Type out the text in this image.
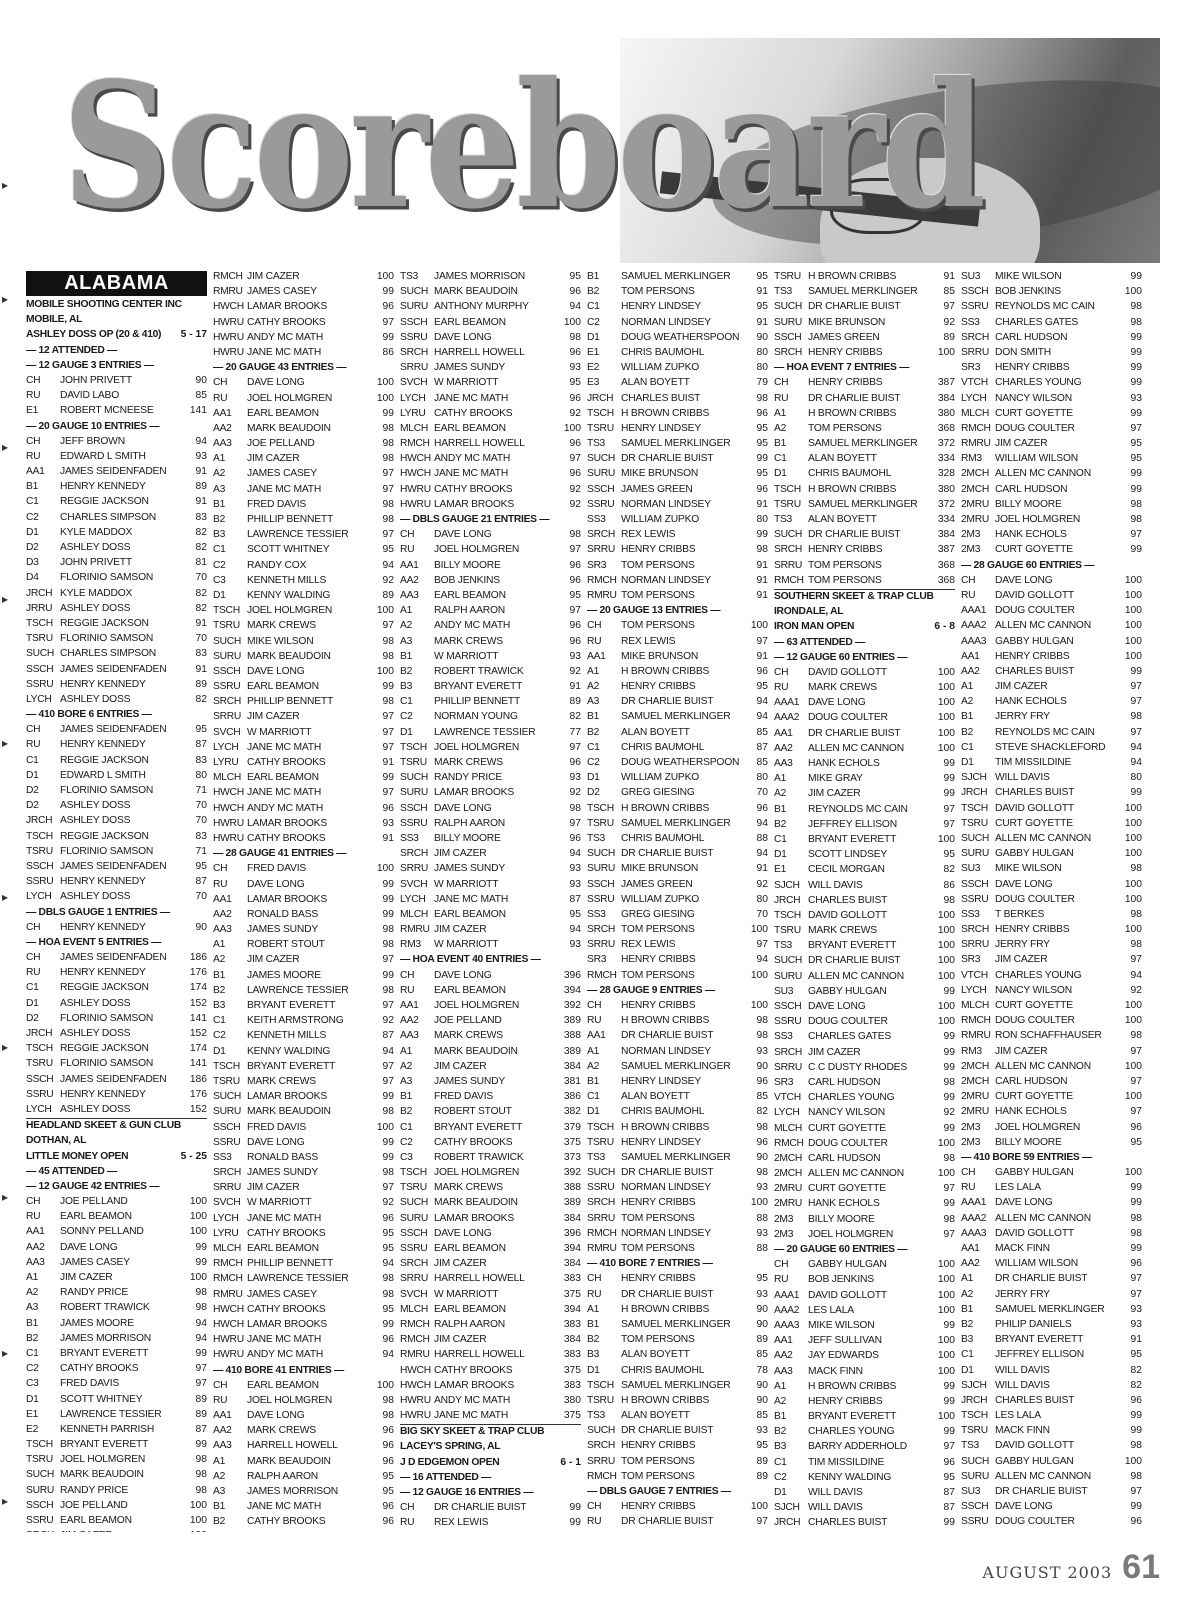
Scoreboard
▸
▸
▸
▸
▸
▸
▸
▸
▸
▸
ALABAMA
MOBILE SHOOTING CENTER INC
MOBILE, AL
ASHLEY DOSS OP (20 & 410)	5 - 17
— 12 ATTENDED —
— 12 GAUGE 3 ENTRIES —
CH	JOHN PRIVETT	90
RU	DAVID LABO	85
E1	ROBERT MCNEESE	141
— 20 GAUGE 10 ENTRIES —
CH	JEFF BROWN	94
RU	EDWARD L SMITH	93
AA1	JAMES SEIDENFADEN	91
B1	HENRY KENNEDY	89
C1	REGGIE JACKSON	91
C2	CHARLES SIMPSON	83
D1	KYLE MADDOX	82
D2	ASHLEY DOSS	82
D3	JOHN PRIVETT	81
D4	FLORINIO SAMSON	70
JRCH KYLE MADDOX	82
JRRU ASHLEY DOSS	82
TSCH REGGIE JACKSON	91
TSRU FLORINIO SAMSON	70
SUCH CHARLES SIMPSON	83
SSCH JAMES SEIDENFADEN	91
SSRU HENRY KENNEDY	89
LYCH ASHLEY DOSS	82
— 410 BORE 6 ENTRIES —
CH	JAMES SEIDENFADEN	95
RU	HENRY KENNEDY	87
C1	REGGIE JACKSON	83
D1	EDWARD L SMITH	80
D2	FLORINIO SAMSON	71
D2	ASHLEY DOSS	70
JRCH ASHLEY DOSS	70
TSCH REGGIE JACKSON	83
TSRU FLORINIO SAMSON	71
SSCH JAMES SEIDENFADEN	95
SSRU HENRY KENNEDY	87
LYCH ASHLEY DOSS	70
— DBLS GAUGE 1 ENTRIES —
CH	HENRY KENNEDY	90
— HOA EVENT 5 ENTRIES —
CH	JAMES SEIDENFADEN	186
RU	HENRY KENNEDY	176
C1	REGGIE JACKSON	174
D1	ASHLEY DOSS	152
D2	FLORINIO SAMSON	141
JRCH ASHLEY DOSS	152
TSCH REGGIE JACKSON	174
TSRU FLORINIO SAMSON	141
SSCH JAMES SEIDENFADEN	186
SSRU HENRY KENNEDY	176
LYCH ASHLEY DOSS	152
HEADLAND SKEET & GUN CLUB
DOTHAN, AL
LITTLE MONEY OPEN	5 - 25
— 45 ATTENDED —
— 12 GAUGE 42 ENTRIES —
CH	JOE PELLAND	100
RU	EARL BEAMON	100
AA1	SONNY PELLAND	100
AA2	DAVE LONG	99
AA3	JAMES CASEY	99
A1	JIM CAZER	100
A2	RANDY PRICE	98
A3	ROBERT TRAWICK	98
B1	JAMES MOORE	94
B2	JAMES MORRISON	94
C1	BRYANT EVERETT	99
C2	CATHY BROOKS	97
C3	FRED DAVIS	97
D1	SCOTT WHITNEY	89
E1	LAWRENCE TESSIER	89
E2	KENNETH PARRISH	87
TSCH BRYANT EVERETT	99
TSRU JOEL HOLMGREN	98
SUCH MARK BEAUDOIN	98
SURU RANDY PRICE	98
SSCH JOE PELLAND	100
SSRU EARL BEAMON	100
RMCH JIM CAZER	100
RMRU JAMES CASEY	99
HWCH LAMAR BROOKS	96
HWRU CATHY BROOKS	97
HWRU ANDY MC MATH	99
HWRU JANE MC MATH	86
— 20 GAUGE 43 ENTRIES —
CH	DAVE LONG	100
RU	JOEL HOLMGREN	100
AA1	EARL BEAMON	99
AA2	MARK BEAUDOIN	98
AA3	JOE PELLAND	98
A1	JIM CAZER	98
A2	JAMES CASEY	97
A3	JANE MC MATH	97
B1	FRED DAVIS	98
B2	PHILLIP BENNETT	98
B3	LAWRENCE TESSIER	97
C1	SCOTT WHITNEY	95
C2	RANDY COX	94
C3	KENNETH MILLS	92
D1	KENNY WALDING	89
TSCH JOEL HOLMGREN	100
TSRU MARK CREWS	97
SUCH MIKE WILSON	98
SURU MARK BEAUDOIN	98
SSCH DAVE LONG	100
SSRU EARL BEAMON	99
SRCH PHILLIP BENNETT	98
SRRU JIM CAZER	97
SVCH W MARRIOTT	97
LYCH JANE MC MATH	97
LYRU CATHY BROOKS	91
MLCH EARL BEAMON	99
HWCH JANE MC MATH	97
HWCH ANDY MC MATH	96
HWRU LAMAR BROOKS	93
HWRU CATHY BROOKS	91
— 28 GAUGE 41 ENTRIES —
CH	FRED DAVIS	100
RU	DAVE LONG	99
AA1	LAMAR BROOKS	99
AA2	RONALD BASS	99
AA3	JAMES SUNDY	98
A1	ROBERT STOUT	98
A2	JIM CAZER	97
B1	JAMES MOORE	99
B2	LAWRENCE TESSIER	98
B3	BRYANT EVERETT	97
C1	KEITH ARMSTRONG	92
C2	KENNETH MILLS	87
D1	KENNY WALDING	94
TSCH BRYANT EVERETT	97
TSRU MARK CREWS	97
SUCH LAMAR BROOKS	99
SURU MARK BEAUDOIN	98
SSCH FRED DAVIS	100
SSRU DAVE LONG	99
SS3	RONALD BASS	99
SRCH JAMES SUNDY	98
SRRU JIM CAZER	97
SVCH W MARRIOTT	92
LYCH JANE MC MATH	96
LYRU CATHY BROOKS	95
MLCH EARL BEAMON	95
RMCH PHILLIP BENNETT	94
RMCH LAWRENCE TESSIER	98
RMRU JAMES CASEY	98
HWCH CATHY BROOKS	95
HWCH LAMAR BROOKS	99
HWRU JANE MC MATH	96
HWRU ANDY MC MATH	94
— 410 BORE 41 ENTRIES —
CH	EARL BEAMON	100
RU	JOEL HOLMGREN	98
AA1	DAVE LONG	98
AA2	MARK CREWS	96
AA3	HARRELL HOWELL	96
A1	MARK BEAUDOIN	96
A2	RALPH AARON	95
A3	JAMES MORRISON	95
B1	JANE MC MATH	96
B2	CATHY BROOKS	96
TS3	JAMES MORRISON	95
SUCH MARK BEAUDOIN	96
SURU ANTHONY MURPHY	94
SSCH EARL BEAMON	100
SSRU DAVE LONG	98
SRCH HARRELL HOWELL	96
SRRU JAMES SUNDY	93
SVCH W MARRIOTT	95
LYCH JANE MC MATH	96
LYRU CATHY BROOKS	92
MLCH EARL BEAMON	100
RMCH HARRELL HOWELL	96
HWCH ANDY MC MATH	97
HWCH JANE MC MATH	96
HWRU CATHY BROOKS	92
HWRU LAMAR BROOKS	92
— DBLS GAUGE 21 ENTRIES —
CH	DAVE LONG	98
RU	JOEL HOLMGREN	97
AA1	BILLY MOORE	96
AA2	BOB JENKINS	96
AA3	EARL BEAMON	95
A1	RALPH AARON	97
A2	ANDY MC MATH	96
A3	MARK CREWS	96
B1	W MARRIOTT	93
B2	ROBERT TRAWICK	92
B3	BRYANT EVERETT	91
C1	PHILLIP BENNETT	89
C2	NORMAN YOUNG	82
D1	LAWRENCE TESSIER	77
TSCH JOEL HOLMGREN	97
TSRU MARK CREWS	96
SUCH RANDY PRICE	93
SURU LAMAR BROOKS	92
SSCH DAVE LONG	98
SSRU RALPH AARON	97
SS3	BILLY MOORE	96
SRCH JIM CAZER	94
SRRU JAMES SUNDY	93
SVCH W MARRIOTT	93
LYCH JANE MC MATH	87
MLCH EARL BEAMON	95
RMRU JIM CAZER	94
RM3	W MARRIOTT	93
— HOA EVENT 40 ENTRIES —
CH	DAVE LONG	396
RU	EARL BEAMON	394
AA1	JOEL HOLMGREN	392
AA2	JOE PELLAND	389
AA3	MARK CREWS	388
A1	MARK BEAUDOIN	389
A2	JIM CAZER	384
A3	JAMES SUNDY	381
B1	FRED DAVIS	386
B2	ROBERT STOUT	382
C1	BRYANT EVERETT	379
C2	CATHY BROOKS	375
C3	ROBERT TRAWICK	373
TSCH JOEL HOLMGREN	392
TSRU MARK CREWS	388
SUCH MARK BEAUDOIN	389
SURU LAMAR BROOKS	384
SSCH DAVE LONG	396
SSRU EARL BEAMON	394
SRCH JIM CAZER	384
SRRU HARRELL HOWELL	383
SVCH W MARRIOTT	375
MLCH EARL BEAMON	394
RMCH RALPH AARON	383
RMCH JIM CAZER	384
RMRU HARRELL HOWELL	383
HWCH CATHY BROOKS	375
HWCH LAMAR BROOKS	383
HWRU ANDY MC MATH	380
HWRU JANE MC MATH	375
BIG SKY SKEET & TRAP CLUB
LACEY'S SPRING, AL
J D EDGEMON OPEN	6 - 1
— 16 ATTENDED —
— 12 GAUGE 16 ENTRIES —
CH	DR CHARLIE BUIST	99
RU	REX LEWIS	99
B1	SAMUEL MERKLINGER	95
B2	TOM PERSONS	91
C1	HENRY LINDSEY	95
C2	NORMAN LINDSEY	91
D1	DOUG WEATHERSPOON	90
E1	CHRIS BAUMOHL	80
E2	WILLIAM ZUPKO	80
E3	ALAN BOYETT	79
JRCH CHARLES BUIST	98
TSCH H BROWN CRIBBS	96
TSRU HENRY LINDSEY	95
TS3	SAMUEL MERKLINGER	95
SUCH DR CHARLIE BUIST	99
SURU MIKE BRUNSON	95
SSCH JAMES GREEN	96
SSRU NORMAN LINDSEY	91
SS3	WILLIAM ZUPKO	80
SRCH REX LEWIS	99
SRRU HENRY CRIBBS	98
SR3	TOM PERSONS	91
RMCH NORMAN LINDSEY	91
RMRU TOM PERSONS	91
— 20 GAUGE 13 ENTRIES —
CH	TOM PERSONS	100
RU	REX LEWIS	97
AA1	MIKE BRUNSON	91
A1	H BROWN CRIBBS	96
A2	HENRY CRIBBS	95
A3	DR CHARLIE BUIST	94
B1	SAMUEL MERKLINGER	94
B2	ALAN BOYETT	85
C1	CHRIS BAUMOHL	87
C2	DOUG WEATHERSPOON	85
D1	WILLIAM ZUPKO	80
D2	GREG GIESING	70
TSCH H BROWN CRIBBS	96
TSRU SAMUEL MERKLINGER	94
TS3	CHRIS BAUMOHL	88
SUCH DR CHARLIE BUIST	94
SURU MIKE BRUNSON	91
SSCH JAMES GREEN	92
SSRU WILLIAM ZUPKO	80
SS3	GREG GIESING	70
SRCH TOM PERSONS	100
SRRU REX LEWIS	97
SR3	HENRY CRIBBS	94
RMCH TOM PERSONS	100
— 28 GAUGE 9 ENTRIES —
CH	HENRY CRIBBS	100
RU	H BROWN CRIBBS	98
AA1	DR CHARLIE BUIST	98
A1	NORMAN LINDSEY	93
A2	SAMUEL MERKLINGER	90
B1	HENRY LINDSEY	96
C1	ALAN BOYETT	85
D1	CHRIS BAUMOHL	82
TSCH H BROWN CRIBBS	98
TSRU HENRY LINDSEY	96
TS3	SAMUEL MERKLINGER	90
SUCH DR CHARLIE BUIST	98
SSRU NORMAN LINDSEY	93
SRCH HENRY CRIBBS	100
SRRU TOM PERSONS	88
RMCH NORMAN LINDSEY	93
RMRU TOM PERSONS	88
— 410 BORE 7 ENTRIES —
CH	HENRY CRIBBS	95
RU	DR CHARLIE BUIST	93
A1	H BROWN CRIBBS	90
B1	SAMUEL MERKLINGER	90
B2	TOM PERSONS	89
B3	ALAN BOYETT	85
D1	CHRIS BAUMOHL	78
TSCH SAMUEL MERKLINGER	90
TSRU H BROWN CRIBBS	90
TS3	ALAN BOYETT	85
SUCH DR CHARLIE BUIST	93
SRCH HENRY CRIBBS	95
SRRU TOM PERSONS	89
RMCH TOM PERSONS	89
— DBLS GAUGE 7 ENTRIES —
CH	HENRY CRIBBS	100
RU	DR CHARLIE BUIST	97
TSRU H BROWN CRIBBS	91
TS3	SAMUEL MERKLINGER	85
SUCH DR CHARLIE BUIST	97
SURU MIKE BRUNSON	92
SSCH JAMES GREEN	89
SRCH HENRY CRIBBS	100
— HOA EVENT 7 ENTRIES —
CH	HENRY CRIBBS	387
RU	DR CHARLIE BUIST	384
A1	H BROWN CRIBBS	380
A2	TOM PERSONS	368
B1	SAMUEL MERKLINGER	372
C1	ALAN BOYETT	334
D1	CHRIS BAUMOHL	328
TSCH H BROWN CRIBBS	380
TSRU SAMUEL MERKLINGER	372
TS3	ALAN BOYETT	334
SUCH DR CHARLIE BUIST	384
SRCH HENRY CRIBBS	387
SRRU TOM PERSONS	368
RMCH TOM PERSONS	368
SOUTHERN SKEET & TRAP CLUB
IRONDALE, AL
IRON MAN OPEN	6 - 8
— 63 ATTENDED —
— 12 GAUGE 60 ENTRIES —
CH	DAVID GOLLOTT	100
RU	MARK CREWS	100
AAA1 DAVE LONG	100
AAA2 DOUG COULTER	100
AA1	DR CHARLIE BUIST	100
AA2	ALLEN MC CANNON	100
AA3	HANK ECHOLS	99
A1	MIKE GRAY	99
A2	JIM CAZER	99
B1	REYNOLDS MC CAIN	97
B2	JEFFREY ELLISON	97
C1	BRYANT EVERETT	100
D1	SCOTT LINDSEY	95
E1	CECIL MORGAN	82
SJCH WILL DAVIS	86
JRCH CHARLES BUIST	98
TSCH DAVID GOLLOTT	100
TSRU MARK CREWS	100
TS3	BRYANT EVERETT	100
SUCH DR CHARLIE BUIST	100
SURU ALLEN MC CANNON	100
SU3	GABBY HULGAN	99
SSCH DAVE LONG	100
SSRU DOUG COULTER	100
SS3	CHARLES GATES	99
SRCH JIM CAZER	99
SRRU C C DUSTY RHODES	99
SR3	CARL HUDSON	98
VTCH CHARLES YOUNG	99
LYCH NANCY WILSON	92
MLCH CURT GOYETTE	99
RMCH DOUG COULTER	100
2MCH CARL HUDSON	98
2MCH ALLEN MC CANNON	100
2MRU CURT GOYETTE	97
2MRU HANK ECHOLS	99
2M3	BILLY MOORE	98
2M3	JOEL HOLMGREN	97
— 20 GAUGE 60 ENTRIES —
CH	GABBY HULGAN	100
RU	BOB JENKINS	100
AAA1 DAVID GOLLOTT	100
AAA2 LES LALA	100
AAA3 MIKE WILSON	99
AA1	JEFF SULLIVAN	100
AA2	JAY EDWARDS	100
AA3	MACK FINN	100
A1	H BROWN CRIBBS	99
A2	HENRY CRIBBS	99
B1	BRYANT EVERETT	100
B2	CHARLES YOUNG	99
B3	BARRY ADDERHOLD	97
C1	TIM MISSILDINE	96
C2	KENNY WALDING	95
D1	WILL DAVIS	87
SJCH WILL DAVIS	87
JRCH CHARLES BUIST	99
SU3	MIKE WILSON	99
SSCH BOB JENKINS	100
SSRU REYNOLDS MC CAIN	98
SS3	CHARLES GATES	98
SRCH CARL HUDSON	99
SRRU DON SMITH	99
SR3	HENRY CRIBBS	99
VTCH CHARLES YOUNG	99
LYCH NANCY WILSON	93
MLCH CURT GOYETTE	99
RMCH DOUG COULTER	97
RMRU JIM CAZER	95
RM3	WILLIAM WILSON	95
2MCH ALLEN MC CANNON	99
2MCH CARL HUDSON	99
2MRU BILLY MOORE	98
2MRU JOEL HOLMGREN	98
2M3	HANK ECHOLS	97
2M3	CURT GOYETTE	99
— 28 GAUGE 60 ENTRIES —
CH	DAVE LONG	100
RU	DAVID GOLLOTT	100
AAA1 DOUG COULTER	100
AAA2 ALLEN MC CANNON	100
AAA3 GABBY HULGAN	100
AA1	HENRY CRIBBS	100
AA2	CHARLES BUIST	99
A1	JIM CAZER	97
A2	HANK ECHOLS	97
B1	JERRY FRY	98
B2	REYNOLDS MC CAIN	97
C1	STEVE SHACKLEFORD	94
D1	TIM MISSILDINE	94
SJCH WILL DAVIS	80
JRCH CHARLES BUIST	99
TSCH DAVID GOLLOTT	100
TSRU CURT GOYETTE	100
SUCH ALLEN MC CANNON	100
SURU GABBY HULGAN	100
SU3	MIKE WILSON	98
SSCH DAVE LONG	100
SSRU DOUG COULTER	100
SS3	T BERKES	98
SRCH HENRY CRIBBS	100
SRRU JERRY FRY	98
SR3	JIM CAZER	97
VTCH CHARLES YOUNG	94
LYCH NANCY WILSON	92
MLCH CURT GOYETTE	100
RMCH DOUG COULTER	100
RMRU RON SCHAFFHAUSER	98
RM3	JIM CAZER	97
2MCH ALLEN MC CANNON	100
2MCH CARL HUDSON	97
2MRU CURT GOYETTE	100
2MRU HANK ECHOLS	97
2M3	JOEL HOLMGREN	96
2M3	BILLY MOORE	95
— 410 BORE 59 ENTRIES —
CH	GABBY HULGAN	100
RU	LES LALA	99
AAA1 DAVE LONG	99
AAA2 ALLEN MC CANNON	98
AAA3 DAVID GOLLOTT	98
AA1	MACK FINN	99
AA2	WILLIAM WILSON	96
A1	DR CHARLIE BUIST	97
A2	JERRY FRY	97
B1	SAMUEL MERKLINGER	93
B2	PHILIP DANIELS	93
B3	BRYANT EVERETT	91
C1	JEFFREY ELLISON	95
D1	WILL DAVIS	82
SJCH WILL DAVIS	82
JRCH CHARLES BUIST	96
TSCH LES LALA	99
TSRU MACK FINN	99
TS3	DAVID GOLLOTT	98
SUCH GABBY HULGAN	100
SURU ALLEN MC CANNON	98
SU3	DR CHARLIE BUIST	97
SSCH DAVE LONG	99
SSRU DOUG COULTER	96
AUGUST 2003 61
